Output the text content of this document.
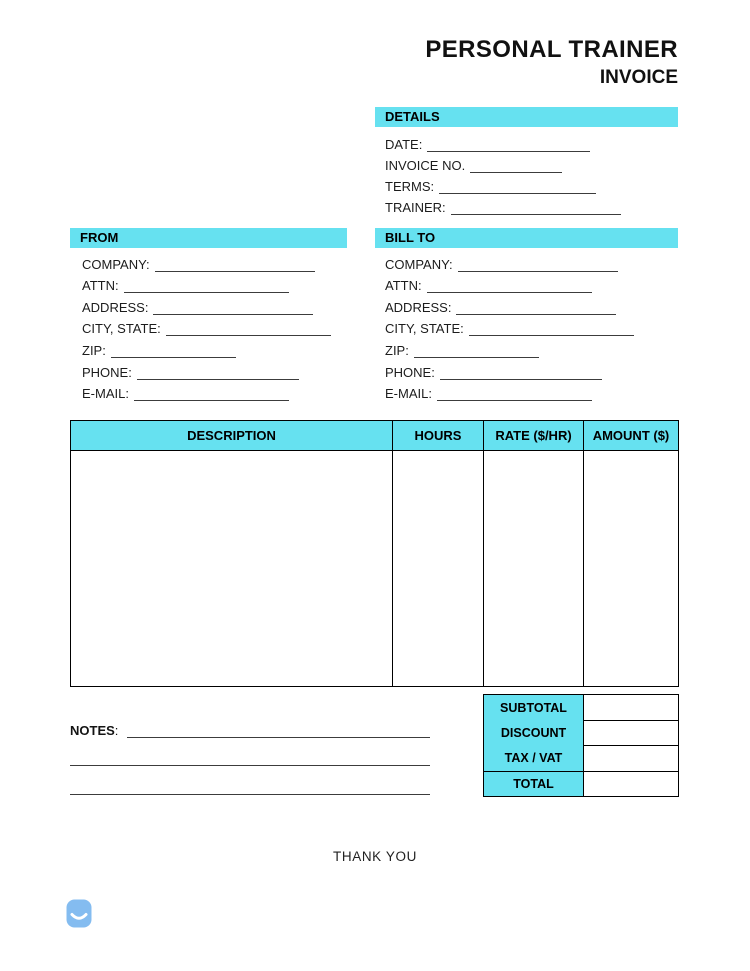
PERSONAL TRAINER
INVOICE
DETAILS
DATE:
INVOICE NO.
TERMS:
TRAINER:
FROM
COMPANY:
ATTN:
ADDRESS:
CITY, STATE:
ZIP:
PHONE:
E-MAIL:
BILL TO
COMPANY:
ATTN:
ADDRESS:
CITY, STATE:
ZIP:
PHONE:
E-MAIL:
DESCRIPTION	HOURS	RATE ($/HR)	AMOUNT ($)

SUBTOTAL	
DISCOUNT	
TAX / VAT	
TOTAL	
NOTES:
THANK YOU
